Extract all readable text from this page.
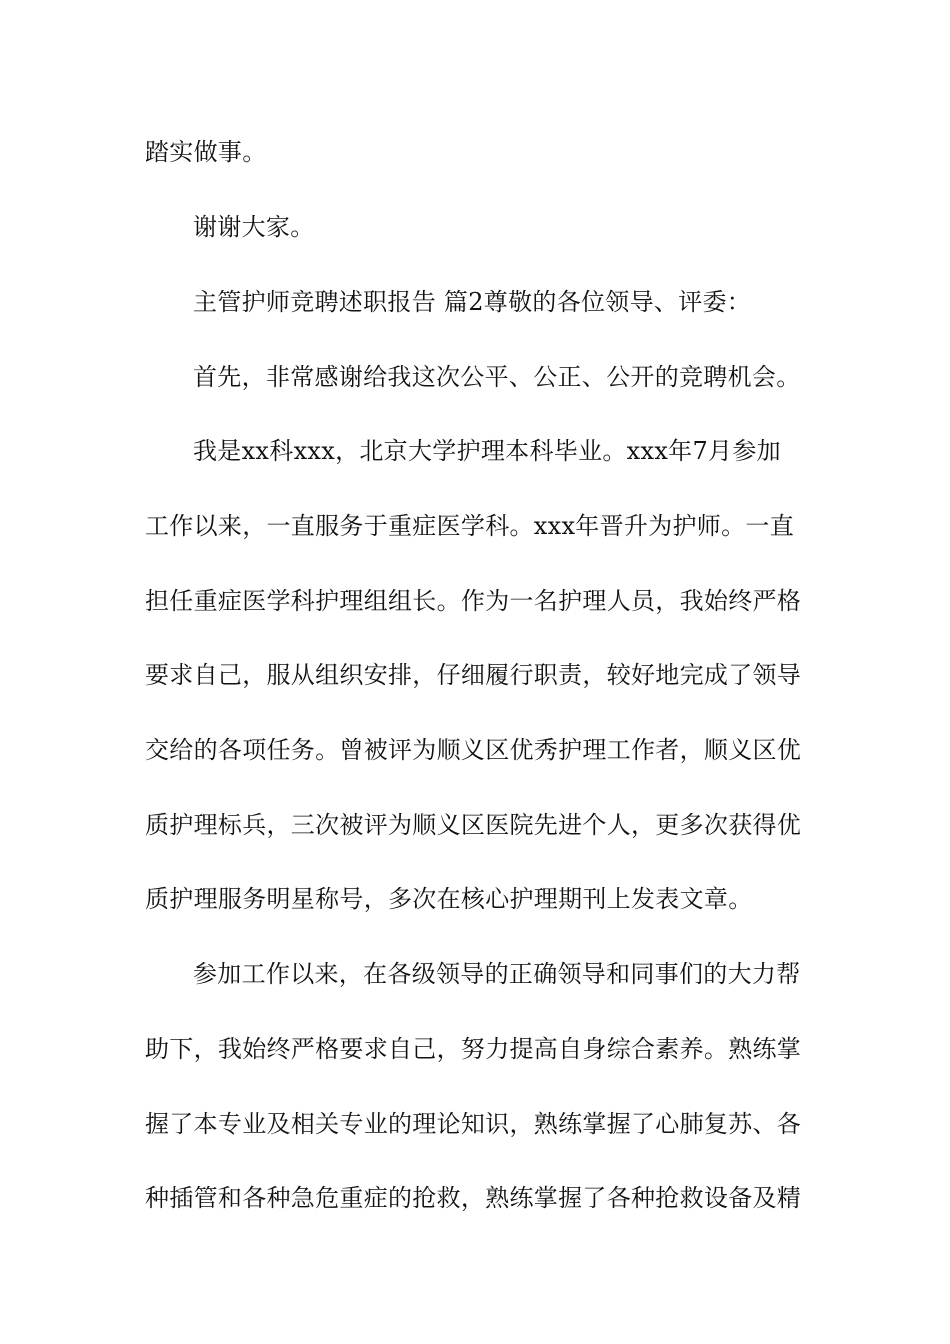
踏实做事。
谢谢大家。
主管护师竞聘述职报告 篇2尊敬的各位领导、评委：
首先，非常感谢给我这次公平、公正、公开的竞聘机会。
我是xx科xxx，北京大学护理本科毕业。xxx年7月参加
工作以来，一直服务于重症医学科。xxx年晋升为护师。一直
担任重症医学科护理组组长。作为一名护理人员，我始终严格
要求自己，服从组织安排，仔细履行职责，较好地完成了领导
交给的各项任务。曾被评为顺义区优秀护理工作者，顺义区优
质护理标兵，三次被评为顺义区医院先进个人，更多次获得优
质护理服务明星称号，多次在核心护理期刊上发表文章。
参加工作以来，在各级领导的正确领导和同事们的大力帮
助下，我始终严格要求自己，努力提高自身综合素养。熟练掌
握了本专业及相关专业的理论知识，熟练掌握了心肺复苏、各
种插管和各种急危重症的抢救，熟练掌握了各种抢救设备及精
